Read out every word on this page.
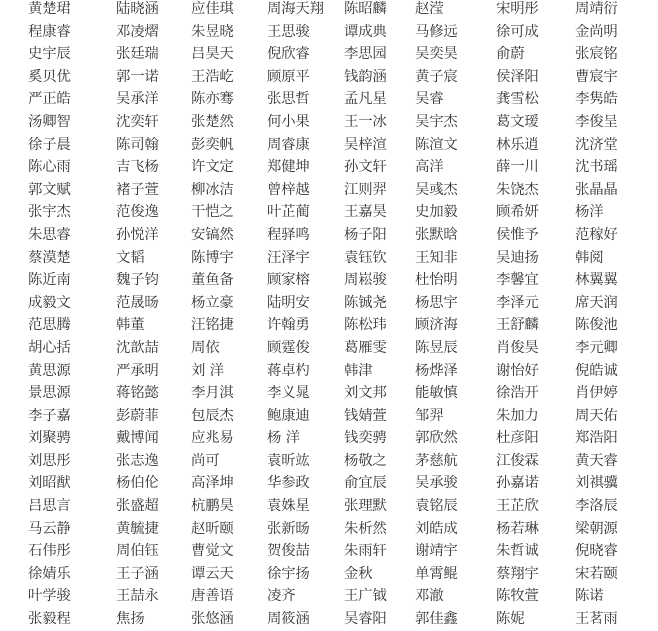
黄楚珺	陆晓涵	应佳琪	周海天翔	陈昭麟	赵滢	宋明彤	周靖衍
程康睿	邓凌熠	朱昱晓	王思骏	谭成典	马修远	徐可成	金尚明
史宇辰	张廷瑞	吕昊天	倪欣睿	李思园	吴奕昊	俞蔚	张宸铭
奚贝优	郭一诺	王浩屹	顾原平	钱韵涵	黄子宸	侯泽阳	曹宸宇
严正皓	吴承洋	陈亦骞	张思哲	孟凡星	吴睿	龚雪松	李隽皓
汤卿智	沈奕轩	张楚然	何小果	王一冰	吴宇杰	葛文瑷	李俊呈
徐子晨	陈司翰	彭奕帆	周睿康	吴梓渲	陈渲文	林乐逍	沈济堂
陈心雨	吉飞杨	许文定	郑健坤	孙文轩	高洋	薛一川	沈书瑶
郭文赋	褚子萱	柳冰洁	曾梓越	江则羿	吴彧杰	朱饶杰	张晶晶
张宇杰	范俊逸	干恺之	叶芷蔺	王嘉昊	史加毅	顾希妍	杨洋
朱思睿	孙悦洋	安镐然	程驿鸣	杨子阳	张默晗	侯惟予	范稼好
蔡漠楚	文韬	陈博宇	汪泽宇	袁钰钦	王知非	吴迪扬	韩阅
陈近南	魏子钧	董鱼备	顾家榕	周崧骏	杜怡明	李馨宜	林翼翼
成毅文	范晟旸	杨立豪	陆明安	陈铖尧	杨思宇	李泽元	席天润
范思腾	韩董	汪铭捷	许翰勇	陈松玮	顾济海	王舒麟	陈俊池
胡心括	沈歆喆	周依	顾霆俊	葛雁雯	陈昱辰	肖俊昊	李元卿
黄思源	严承明	刘 洋	蒋卓杓	韩津	杨烨泽	谢怡好	倪皓诚
景思源	蒋铭懿	李月淇	李义晁	刘文邦	能敏慎	徐浩开	肖伊婷
李子嘉	彭蔚菲	包辰杰	鲍康迪	钱婧萱	邹羿	朱加力	周天佑
刘聚骋	戴博闻	应兆易	杨 洋	钱奕骋	郭欣然	杜彦阳	郑浩阳
刘思彤	张志逸	尚可	袁昕竑	杨敬之	茅慈航	江俊霖	黄天睿
刘昭猷	杨伯伦	高泽坤	华参政	俞宜辰	吴承骏	孙嘉诺	刘祺骥
吕思言	张盛超	杭鹏昊	袁姝星	张理默	袁铭辰	王芷欣	李洛辰
马云静	黄毓捷	赵昕颐	张新旸	朱析然	刘皓成	杨若琳	梁朝源
石伟彤	周伯钰	曹觉文	贺俊喆	朱雨轩	谢靖宇	朱哲诚	倪晓睿
徐婧乐	王子涵	谭云天	徐宇扬	金秋	单霄鲲	蔡翔宇	宋若颐
叶学骏	王喆永	唐善语	凌齐	王广钺	邓澈	陈牧萱	陈诺
张毅程	焦扬	张悠涵	周筱涵	吴睿阳	郭佳鑫	陈妮	王茗雨
